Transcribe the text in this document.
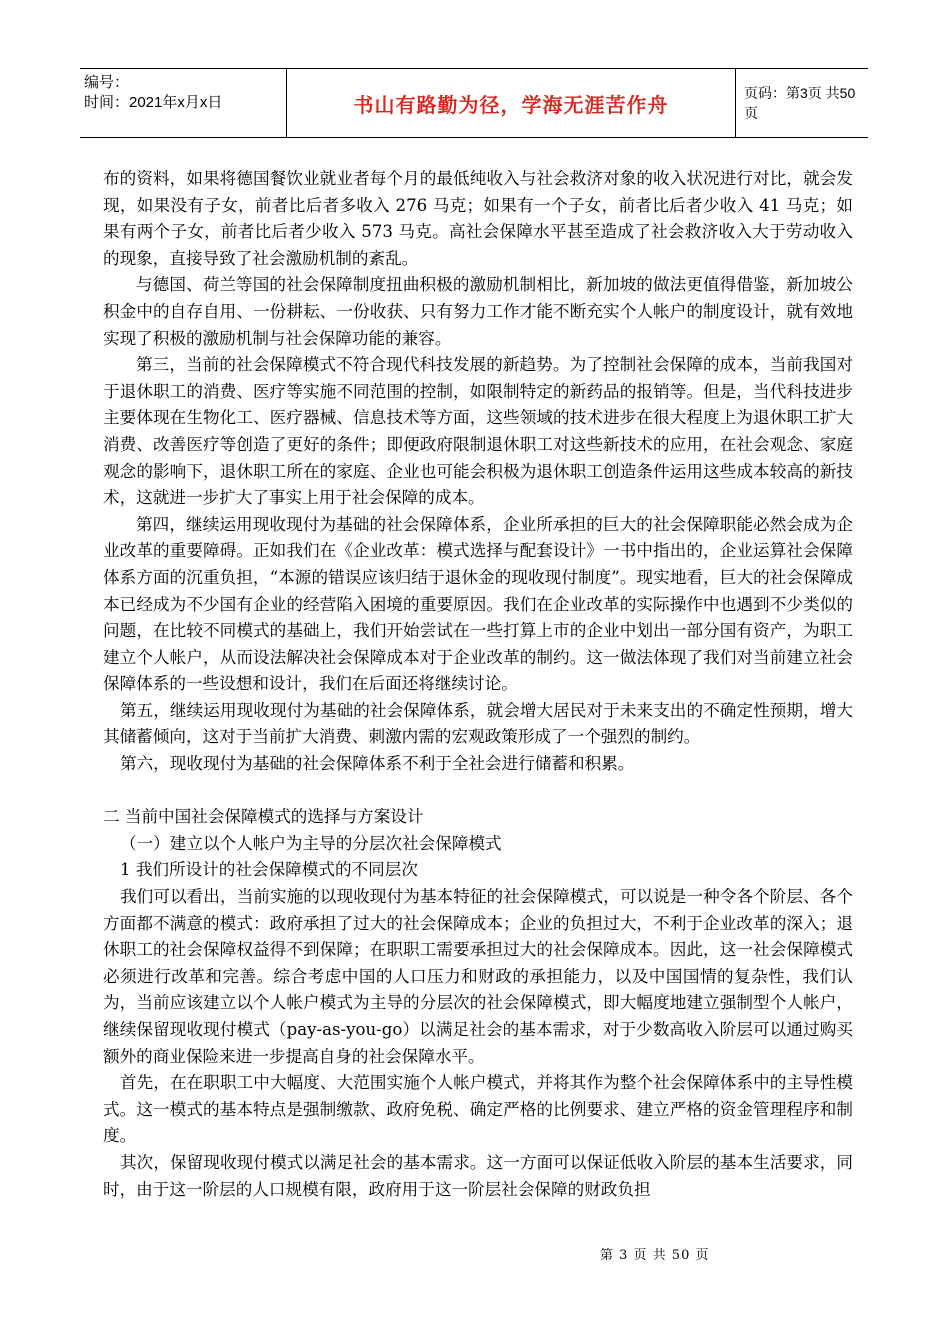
编号：
时间：2021年x月x日	书山有路勤为径，学海无涯苦作舟	页码：第3页 共50页

布的资料，如果将德国餐饮业就业者每个月的最低纯收入与社会救济对象的收入状况进行对比，就会发现，如果没有子女，前者比后者多收入 276 马克；如果有一个子女，前者比后者少收入 41 马克；如果有两个子女，前者比后者少收入 573 马克。高社会保障水平甚至造成了社会救济收入大于劳动收入的现象，直接导致了社会激励机制的紊乱。

与德国、荷兰等国的社会保障制度扭曲积极的激励机制相比，新加坡的做法更值得借鉴，新加坡公积金中的自存自用、一份耕耘、一份收获、只有努力工作才能不断充实个人帐户的制度设计，就有效地实现了积极的激励机制与社会保障功能的兼容。

第三，当前的社会保障模式不符合现代科技发展的新趋势。为了控制社会保障的成本，当前我国对于退休职工的消费、医疗等实施不同范围的控制，如限制特定的新药品的报销等。但是，当代科技进步主要体现在生物化工、医疗器械、信息技术等方面，这些领域的技术进步在很大程度上为退休职工扩大消费、改善医疗等创造了更好的条件；即便政府限制退休职工对这些新技术的应用，在社会观念、家庭观念的影响下，退休职工所在的家庭、企业也可能会积极为退休职工创造条件运用这些成本较高的新技术，这就进一步扩大了事实上用于社会保障的成本。

第四，继续运用现收现付为基础的社会保障体系，企业所承担的巨大的社会保障职能必然会成为企业改革的重要障碍。正如我们在《企业改革：模式选择与配套设计》一书中指出的，企业运算社会保障体系方面的沉重负担，“本源的错误应该归结于退休金的现收现付制度”。现实地看，巨大的社会保障成本已经成为不少国有企业的经营陷入困境的重要原因。我们在企业改革的实际操作中也遇到不少类似的问题，在比较不同模式的基础上，我们开始尝试在一些打算上市的企业中划出一部分国有资产，为职工建立个人帐户，从而设法解决社会保障成本对于企业改革的制约。这一做法体现了我们对当前建立社会保障体系的一些设想和设计，我们在后面还将继续讨论。

第五，继续运用现收现付为基础的社会保障体系，就会增大居民对于未来支出的不确定性预期，增大其储蓄倾向，这对于当前扩大消费、刺激内需的宏观政策形成了一个强烈的制约。

第六，现收现付为基础的社会保障体系不利于全社会进行储蓄和积累。

二 当前中国社会保障模式的选择与方案设计

（一）建立以个人帐户为主导的分层次社会保障模式

1 我们所设计的社会保障模式的不同层次

我们可以看出，当前实施的以现收现付为基本特征的社会保障模式，可以说是一种令各个阶层、各个方面都不满意的模式：政府承担了过大的社会保障成本；企业的负担过大，不利于企业改革的深入；退休职工的社会保障权益得不到保障；在职职工需要承担过大的社会保障成本。因此，这一社会保障模式必须进行改革和完善。综合考虑中国的人口压力和财政的承担能力，以及中国国情的复杂性，我们认为，当前应该建立以个人帐户模式为主导的分层次的社会保障模式，即大幅度地建立强制型个人帐户，继续保留现收现付模式（pay-as-you-go）以满足社会的基本需求，对于少数高收入阶层可以通过购买额外的商业保险来进一步提高自身的社会保障水平。

首先，在在职职工中大幅度、大范围实施个人帐户模式，并将其作为整个社会保障体系中的主导性模式。这一模式的基本特点是强制缴款、政府免税、确定严格的比例要求、建立严格的资金管理程序和制度。

其次，保留现收现付模式以满足社会的基本需求。这一方面可以保证低收入阶层的基本生活要求，同时，由于这一阶层的人口规模有限，政府用于这一阶层社会保障的财政负担

第 3 页 共 50 页
